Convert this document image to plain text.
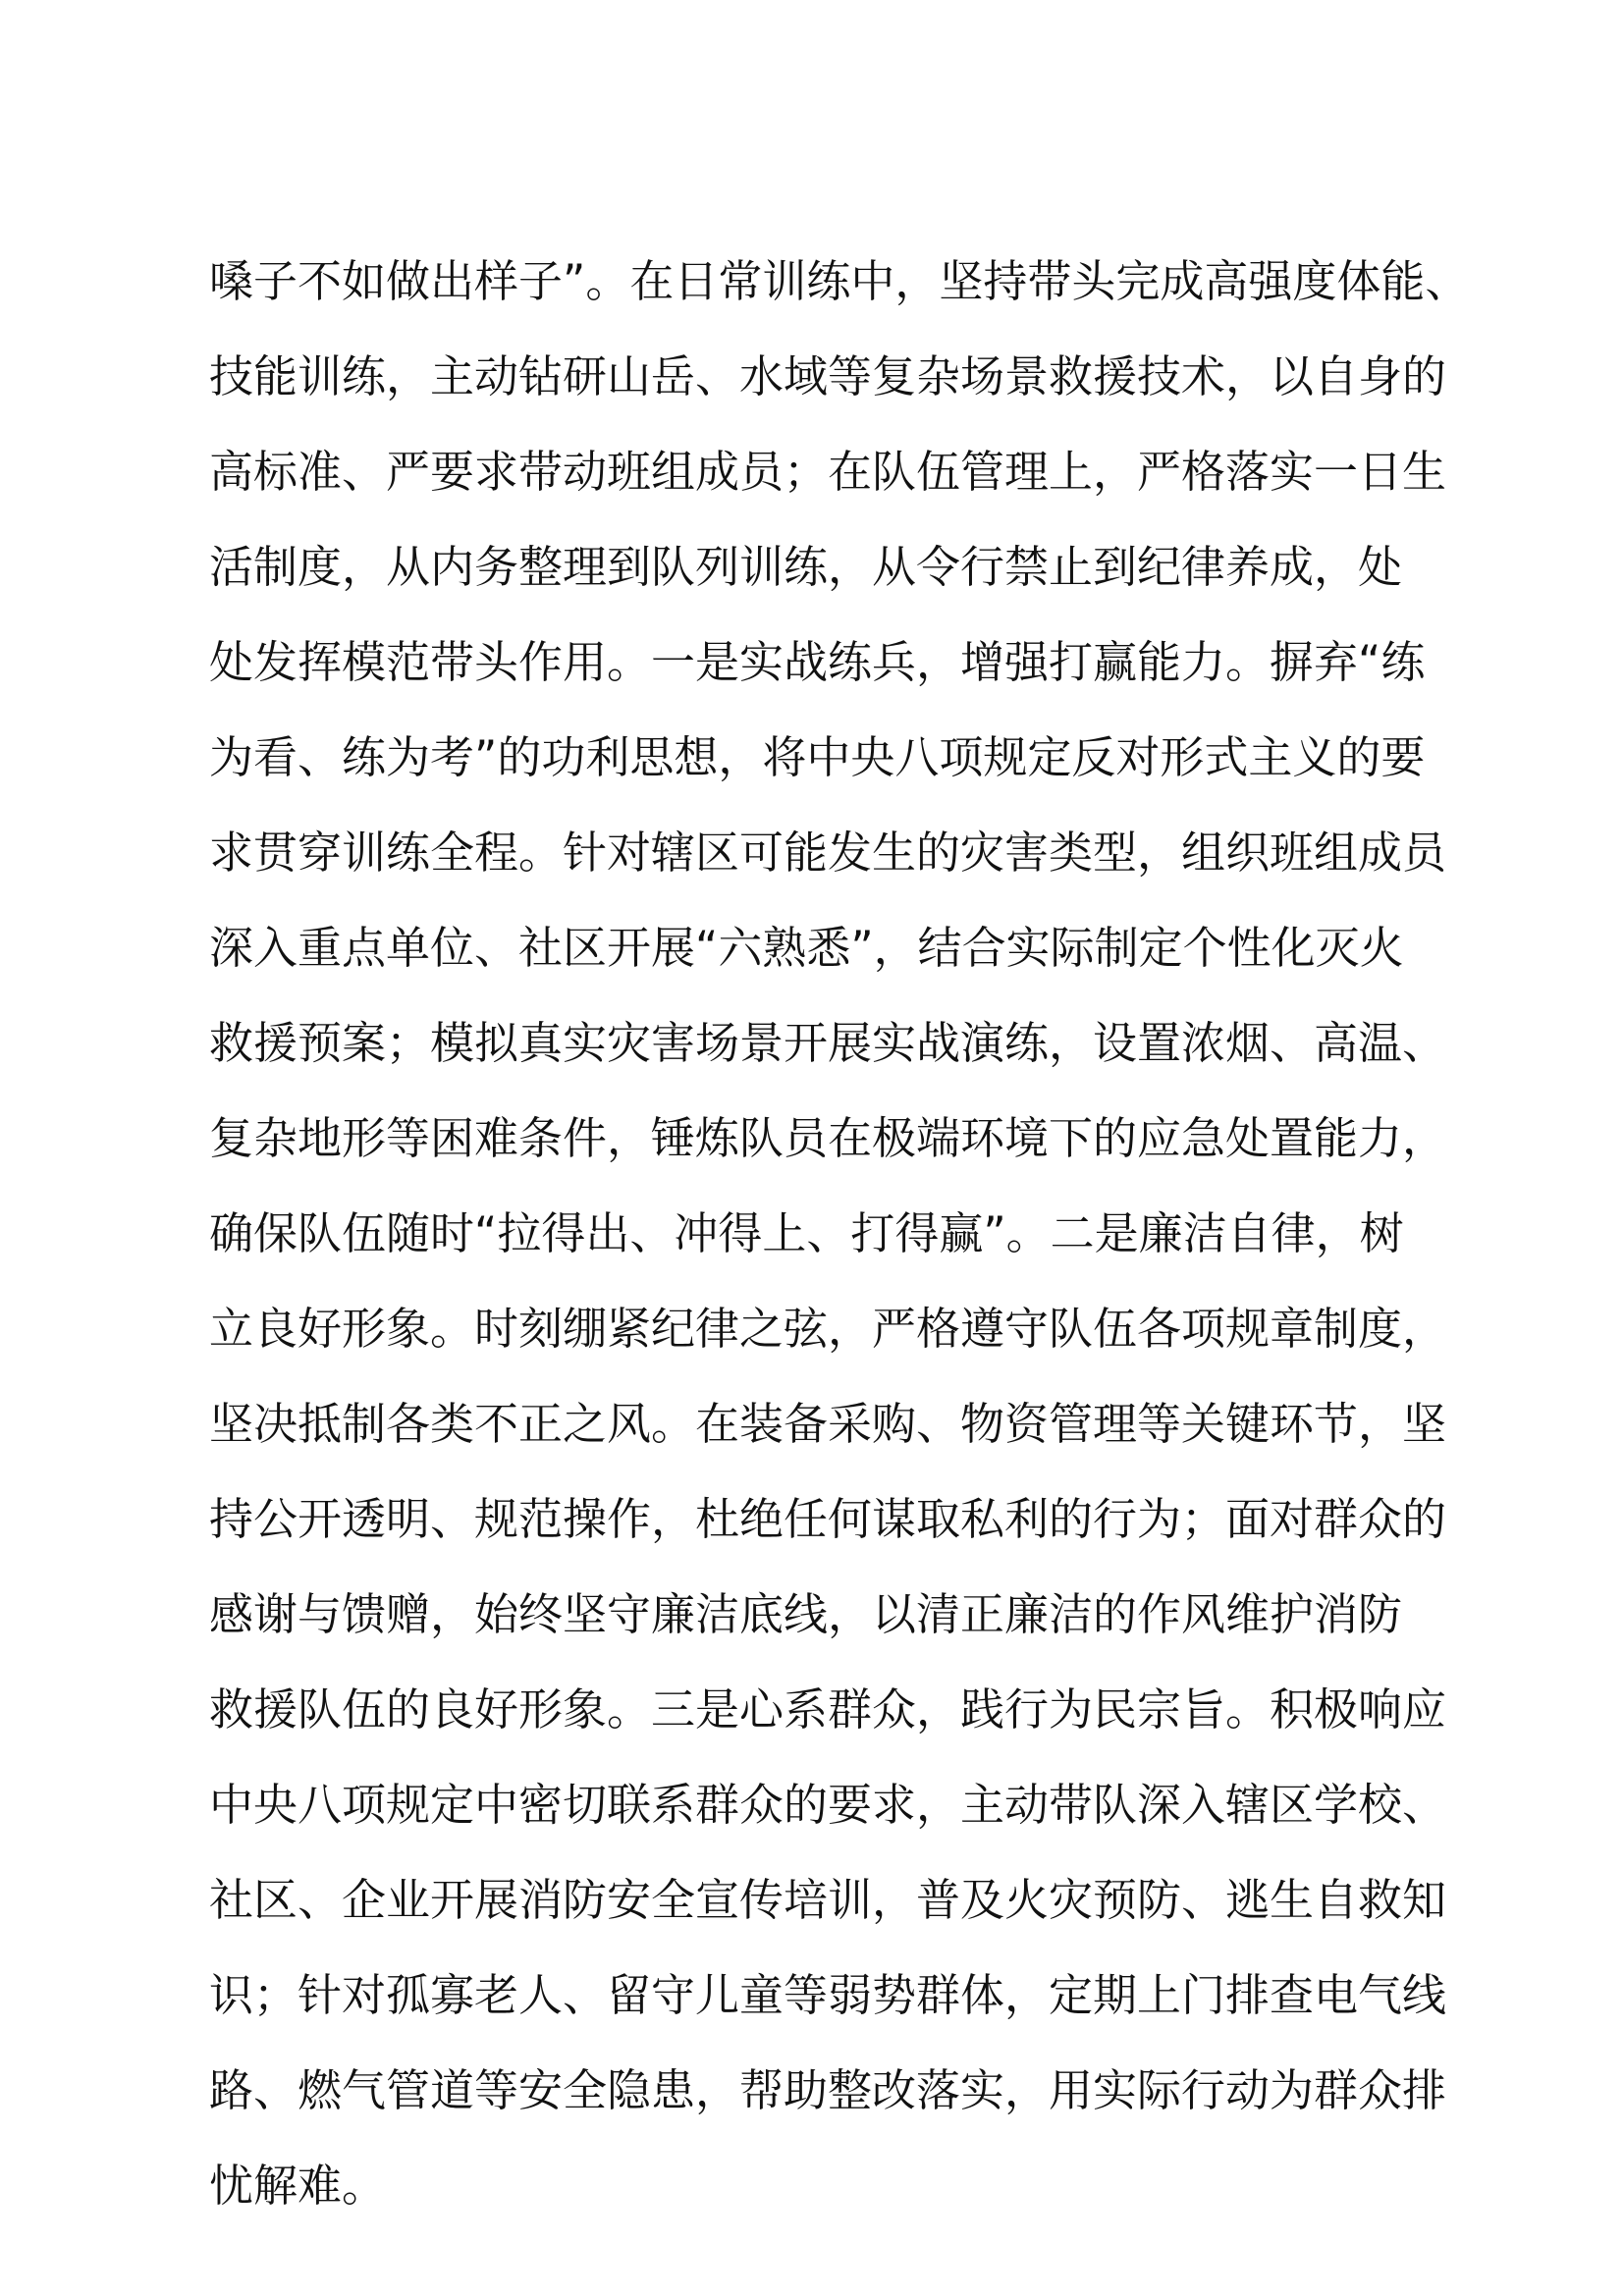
嗓子不如做出样子”。在日常训练中，坚持带头完成高强度体能、
技能训练，主动钻研山岳、水域等复杂场景救援技术，以自身的
高标准、严要求带动班组成员；在队伍管理上，严格落实一日生
活制度，从内务整理到队列训练，从令行禁止到纪律养成，处
处发挥模范带头作用。一是实战练兵，增强打赢能力。摒弃“练
为看、练为考”的功利思想，将中央八项规定反对形式主义的要
求贯穿训练全程。针对辖区可能发生的灾害类型，组织班组成员
深入重点单位、社区开展“六熟悉”，结合实际制定个性化灭火
救援预案；模拟真实灾害场景开展实战演练，设置浓烟、高温、
复杂地形等困难条件，锤炼队员在极端环境下的应急处置能力，
确保队伍随时“拉得出、冲得上、打得赢”。二是廉洁自律，树
立良好形象。时刻绷紧纪律之弦，严格遵守队伍各项规章制度，
坚决抵制各类不正之风。在装备采购、物资管理等关键环节，坚
持公开透明、规范操作，杜绝任何谋取私利的行为；面对群众的
感谢与馈赠，始终坚守廉洁底线，以清正廉洁的作风维护消防
救援队伍的良好形象。三是心系群众，践行为民宗旨。积极响应
中央八项规定中密切联系群众的要求，主动带队深入辖区学校、
社区、企业开展消防安全宣传培训，普及火灾预防、逃生自救知
识；针对孤寡老人、留守儿童等弱势群体，定期上门排查电气线
路、燃气管道等安全隐患，帮助整改落实，用实际行动为群众排
忧解难。
